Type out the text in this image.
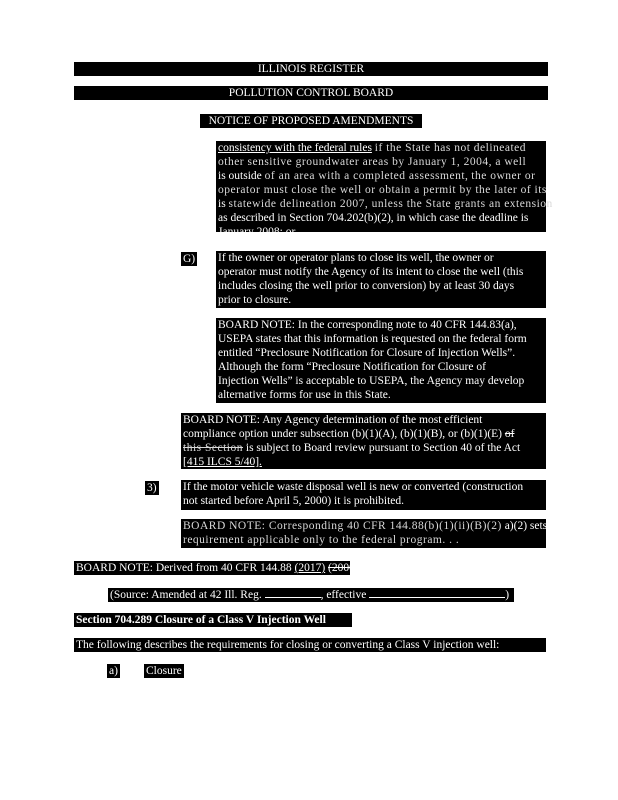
ILLINOIS REGISTER
POLLUTION CONTROL BOARD
NOTICE OF PROPOSED AMENDMENTS
consistency with the federal rules if the State has not delineated
other sensitive groundwater areas by January 1, 2004, a well
is outside of an area with a completed assessment, the owner or
operator must close the well or obtain a permit by the later of its
is statewide delineation 2007, unless the State grants an extension
as described in Section 704.202(b)(2), in which case the deadline is
January 2008; or
G) If the owner or operator plans to close its well, the owner or
operator must notify the Agency of its intent to close the well (this
includes closing the well prior to conversion) by at least 30 days
prior to closure.
BOARD NOTE: In the corresponding note to 40 CFR 144.83(a),
USEPA states that this information is requested on the federal form
entitled “Preclosure Notification for Closure of Injection Wells”.
Although the form “Preclosure Notification for Closure of
Injection Wells” is acceptable to USEPA, the Agency may develop
alternative forms for use in this State.
BOARD NOTE: Any Agency determination of the most efficient
compliance option under subsection (b)(1)(A), (b)(1)(B), or (b)(1)(E) of
this Section is subject to Board review pursuant to Section 40 of the Act
[415 ILCS 5/40].
3) If the motor vehicle waste disposal well is new or converted (construction
not started before April 5, 2000) it is prohibited.
BOARD NOTE: Corresponding 40 CFR 144.88(b)(1)(ii)(B)(2) a)(2) sets forth a federal
requirement applicable only to the federal program. . .
BOARD NOTE: Derived from 40 CFR 144.88 (2017) (2000).
(Source: Amended at 42 Ill. Reg.	, effective	)
Section 704.289 Closure of a Class V Injection Well
The following describes the requirements for closing or converting a Class V injection well:
a) Closure
